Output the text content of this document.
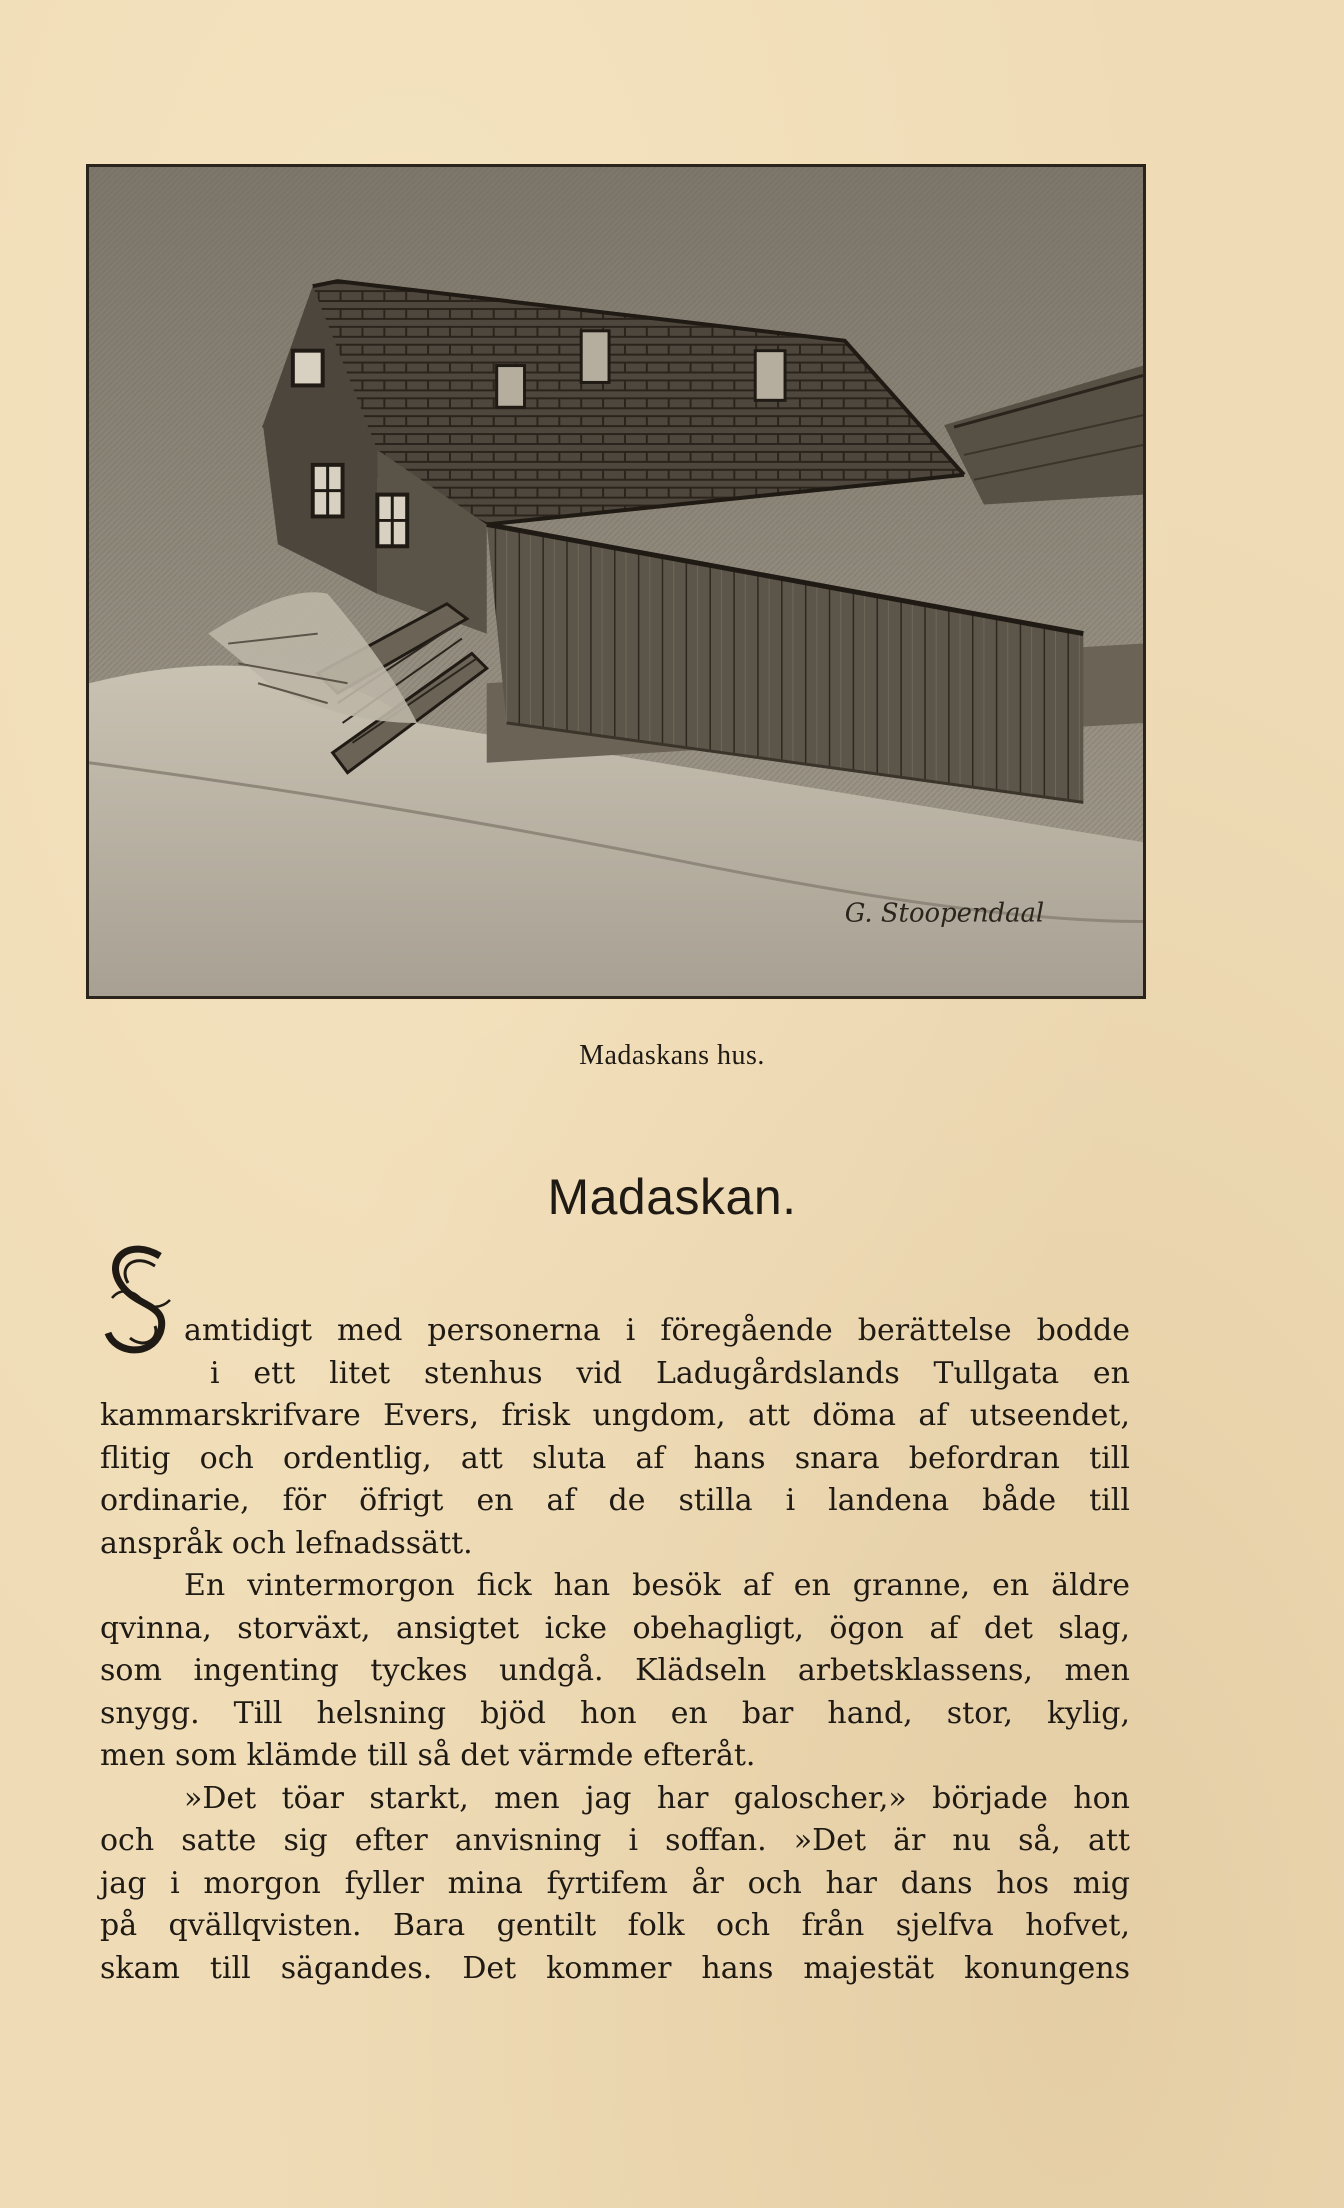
G. Stoopendaal
Madaskans hus.
Madaskan.
amtidigt med personerna i föregående berättelse bodde
i ett litet stenhus vid Ladugårdslands Tullgata en
kammarskrifvare Evers, frisk ungdom, att döma af utseendet,
flitig och ordentlig, att sluta af hans snara befordran till
ordinarie, för öfrigt en af de stilla i landena både till
anspråk och lefnadssätt.
En vintermorgon fick han besök af en granne, en äldre
qvinna, storväxt, ansigtet icke obehagligt, ögon af det slag,
som ingenting tyckes undgå. Klädseln arbetsklassens, men
snygg. Till helsning bjöd hon en bar hand, stor, kylig,
men som klämde till så det värmde efteråt.
»Det töar starkt, men jag har galoscher,» började hon
och satte sig efter anvisning i soffan. »Det är nu så, att
jag i morgon fyller mina fyrtifem år och har dans hos mig
på qvällqvisten. Bara gentilt folk och från sjelfva hofvet,
skam till sägandes. Det kommer hans majestät konungens
